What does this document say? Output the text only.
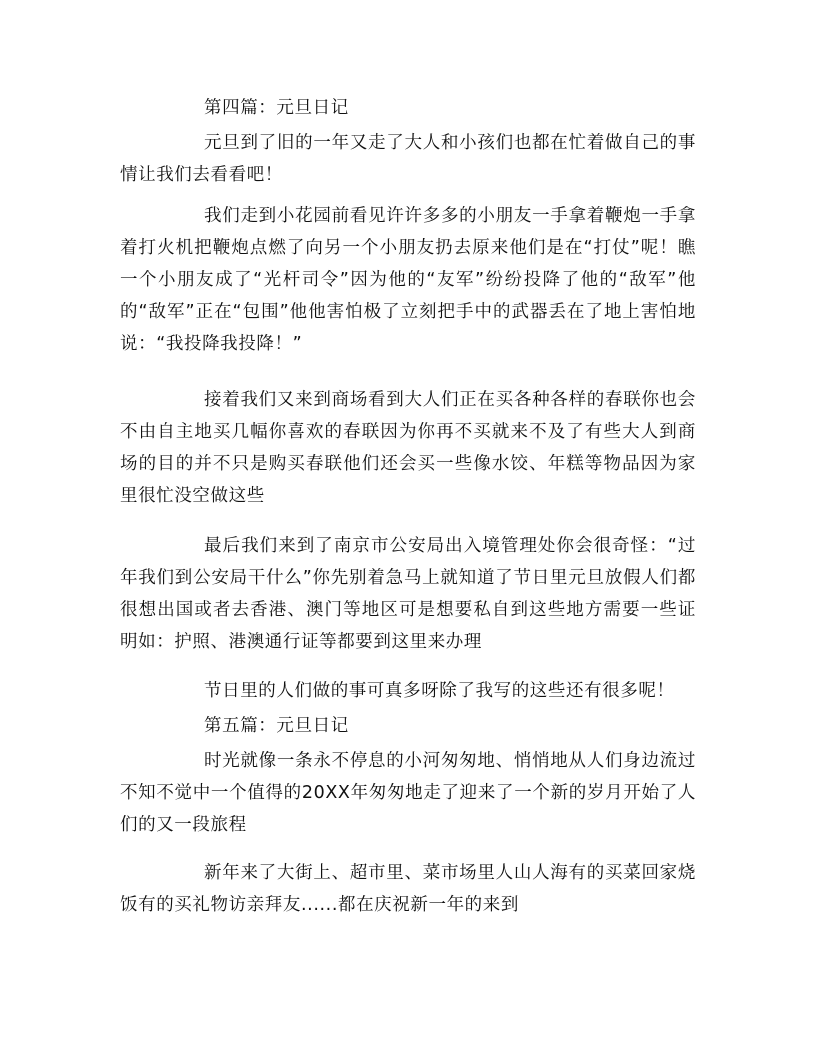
第四篇：元旦日记

元旦到了旧的一年又走了大人和小孩们也都在忙着做自己的事情让我们去看看吧！

我们走到小花园前看见许许多多的小朋友一手拿着鞭炮一手拿着打火机把鞭炮点燃了向另一个小朋友扔去原来他们是在“打仗”呢！瞧一个小朋友成了“光杆司令”因为他的“友军”纷纷投降了他的“敌军”他的“敌军”正在“包围”他他害怕极了立刻把手中的武器丢在了地上害怕地说：“我投降我投降！”

接着我们又来到商场看到大人们正在买各种各样的春联你也会不由自主地买几幅你喜欢的春联因为你再不买就来不及了有些大人到商场的目的并不只是购买春联他们还会买一些像水饺、年糕等物品因为家里很忙没空做这些

最后我们来到了南京市公安局出入境管理处你会很奇怪：“过年我们到公安局干什么”你先别着急马上就知道了节日里元旦放假人们都很想出国或者去香港、澳门等地区可是想要私自到这些地方需要一些证明如：护照、港澳通行证等都要到这里来办理

节日里的人们做的事可真多呀除了我写的这些还有很多呢！

第五篇：元旦日记

时光就像一条永不停息的小河匆匆地、悄悄地从人们身边流过不知不觉中一个值得的20XX年匆匆地走了迎来了一个新的岁月开始了人们的又一段旅程

新年来了大街上、超市里、菜市场里人山人海有的买菜回家烧饭有的买礼物访亲拜友......都在庆祝新一年的来到
